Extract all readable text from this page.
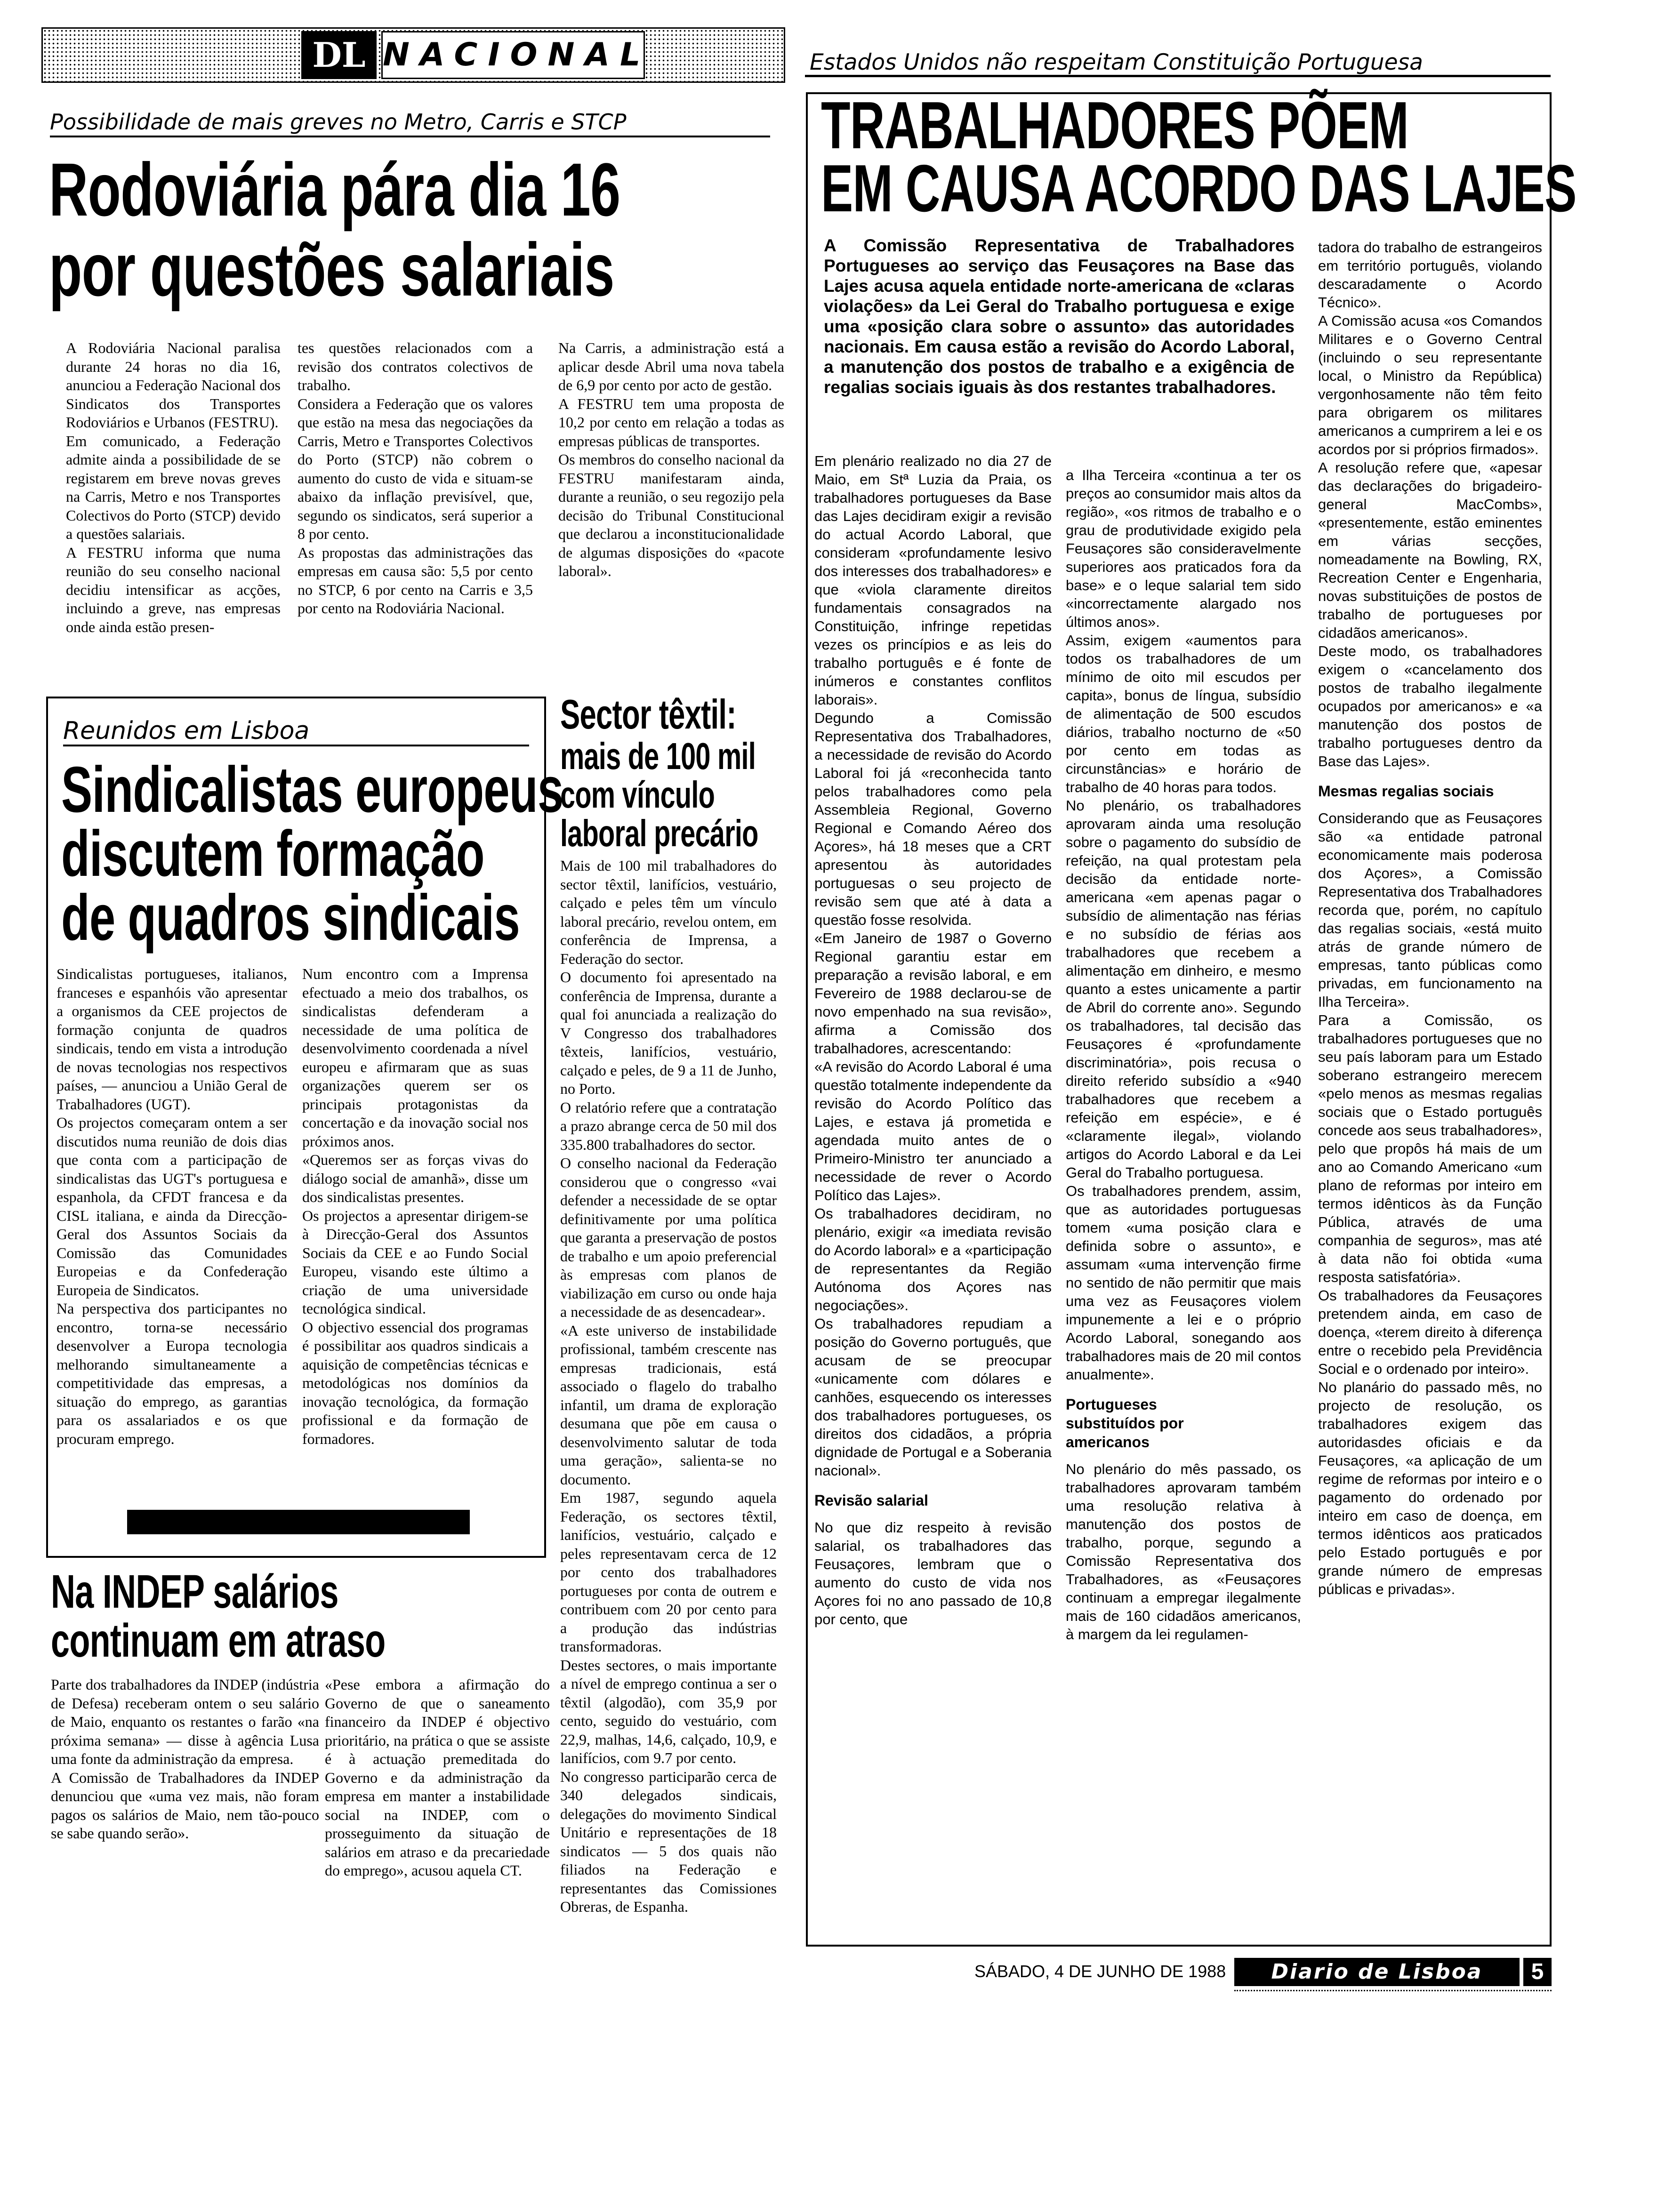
DL NACIONAL	Estados Unidos não respeitam Constituição Portuguesa
Possibilidade de mais greves no Metro, Carris e STCP
Rodoviária pára dia 16
por questões salariais
A Rodoviária Nacional paralisa durante 24 horas no dia 16, anunciou a Federação Nacional dos Sindicatos dos Transportes Rodoviários e Urbanos (FESTRU).
Em comunicado, a Federação admite ainda a possibilidade de se registarem em breve novas greves na Carris, Metro e nos Transportes Colectivos do Porto (STCP) devido a questões salariais.
A FESTRU informa que numa reunião do seu conselho nacional decidiu intensificar as acções, incluindo a greve, nas empresas onde ainda estão presen-
tes questões relacionados com a revisão dos contratos colectivos de trabalho.
Considera a Federação que os valores que estão na mesa das negociações da Carris, Metro e Transportes Colectivos do Porto (STCP) não cobrem o aumento do custo de vida e situam-se abaixo da inflação previsível, que, segundo os sindicatos, será superior a 8 por cento.
As propostas das administrações das empresas em causa são: 5,5 por cento no STCP, 6 por cento na Carris e 3,5 por cento na Rodoviária Nacional.
Na Carris, a administração está a aplicar desde Abril uma nova tabela de 6,9 por cento por acto de gestão.
A FESTRU tem uma proposta de 10,2 por cento em relação a todas as empresas públicas de transportes.
Os membros do conselho nacional da FESTRU manifestaram ainda, durante a reunião, o seu regozijo pela decisão do Tribunal Constitucional que declarou a inconstitucionalidade de algumas disposições do «pacote laboral».
Reunidos em Lisboa
Sindicalistas europeus
discutem formação
de quadros sindicais
Sindicalistas portugueses, italianos, franceses e espanhóis vão apresentar a organismos da CEE projectos de formação conjunta de quadros sindicais, tendo em vista a introdução de novas tecnologias nos respectivos países, — anunciou a União Geral de Trabalhadores (UGT).
Os projectos começaram ontem a ser discutidos numa reunião de dois dias que conta com a participação de sindicalistas das UGT's portuguesa e espanhola, da CFDT francesa e da CISL italiana, e ainda da Direcção-Geral dos Assuntos Sociais da Comissão das Comunidades Europeias e da Confederação Europeia de Sindicatos.
Na perspectiva dos participantes no encontro, torna-se necessário desenvolver a Europa tecnologia melhorando simultaneamente a competitividade das empresas, a situação do emprego, as garantias para os assalariados e os que procuram emprego.
Num encontro com a Imprensa efectuado a meio dos trabalhos, os sindicalistas defenderam a necessidade de uma política de desenvolvimento coordenada a nível europeu e afirmaram que as suas organizações querem ser os principais protagonistas da concertação e da inovação social nos próximos anos.
«Queremos ser as forças vivas do diálogo social de amanhã», disse um dos sindicalistas presentes.
Os projectos a apresentar dirigem-se à Direcção-Geral dos Assuntos Sociais da CEE e ao Fundo Social Europeu, visando este último a criação de uma universidade tecnológica sindical.
O objectivo essencial dos programas é possibilitar aos quadros sindicais a aquisição de competências técnicas e metodológicas nos domínios da inovação tecnológica, da formação profissional e da formação de formadores.
Na INDEP salários
continuam em atraso
Parte dos trabalhadores da INDEP (indústria de Defesa) receberam ontem o seu salário de Maio, enquanto os restantes o farão «na próxima semana» — disse à agência Lusa uma fonte da administração da empresa.
A Comissão de Trabalhadores da INDEP denunciou que «uma vez mais, não foram pagos os salários de Maio, nem tão-pouco se sabe quando serão».
«Pese embora a afirmação do Governo de que o saneamento financeiro da INDEP é objectivo prioritário, na prática o que se assiste é à actuação premeditada do Governo e da administração da empresa em manter a instabilidade social na INDEP, com o prosseguimento da situação de salários em atraso e da precariedade do emprego», acusou aquela CT.
Sector têxtil:
mais de 100 mil
com vínculo
laboral precário
Mais de 100 mil trabalhadores do sector têxtil, lanifícios, vestuário, calçado e peles têm um vínculo laboral precário, revelou ontem, em conferência de Imprensa, a Federação do sector.
O documento foi apresentado na conferência de Imprensa, durante a qual foi anunciada a realização do V Congresso dos trabalhadores têxteis, lanifícios, vestuário, calçado e peles, de 9 a 11 de Junho, no Porto.
O relatório refere que a contratação a prazo abrange cerca de 50 mil dos 335.800 trabalhadores do sector.
O conselho nacional da Federação considerou que o congresso «vai defender a necessidade de se optar definitivamente por uma política que garanta a preservação de postos de trabalho e um apoio preferencial às empresas com planos de viabilização em curso ou onde haja a necessidade de as desencadear».
«A este universo de instabilidade profissional, também crescente nas empresas tradicionais, está associado o flagelo do trabalho infantil, um drama de exploração desumana que põe em causa o desenvolvimento salutar de toda uma geração», salienta-se no documento.
Em 1987, segundo aquela Federação, os sectores têxtil, lanifícios, vestuário, calçado e peles representavam cerca de 12 por cento dos trabalhadores portugueses por conta de outrem e contribuem com 20 por cento para a produção das indústrias transformadoras.
Destes sectores, o mais importante a nível de emprego continua a ser o têxtil (algodão), com 35,9 por cento, seguido do vestuário, com 22,9, malhas, 14,6, calçado, 10,9, e lanifícios, com 9.7 por cento.
No congresso participarão cerca de 340 delegados sindicais, delegações do movimento Sindical Unitário e representações de 18 sindicatos — 5 dos quais não filiados na Federação e representantes das Comissiones Obreras, de Espanha.
TRABALHADORES PÕEM
EM CAUSA ACORDO DAS LAJES
A Comissão Representativa de Trabalhadores Portugueses ao serviço das Feusaçores na Base das Lajes acusa aquela entidade norte-americana de «claras violações» da Lei Geral do Trabalho portuguesa e exige uma «posição clara sobre o assunto» das autoridades nacionais. Em causa estão a revisão do Acordo Laboral, a manutenção dos postos de trabalho e a exigência de regalias sociais iguais às dos restantes trabalhadores.
Em plenário realizado no dia 27 de Maio, em Stª Luzia da Praia, os trabalhadores portugueses da Base das Lajes decidiram exigir a revisão do actual Acordo Laboral, que consideram «profundamente lesivo dos interesses dos trabalhadores» e que «viola claramente direitos fundamentais consagrados na Constituição, infringe repetidas vezes os princípios e as leis do trabalho português e é fonte de inúmeros e constantes conflitos laborais».
Degundo a Comissão Representativa dos Trabalhadores, a necessidade de revisão do Acordo Laboral foi já «reconhecida tanto pelos trabalhadores como pela Assembleia Regional, Governo Regional e Comando Aéreo dos Açores», há 18 meses que a CRT apresentou às autoridades portuguesas o seu projecto de revisão sem que até à data a questão fosse resolvida.
«Em Janeiro de 1987 o Governo Regional garantiu estar em preparação a revisão laboral, e em Fevereiro de 1988 declarou-se de novo empenhado na sua revisão», afirma a Comissão dos trabalhadores, acrescentando:
«A revisão do Acordo Laboral é uma questão totalmente independente da revisão do Acordo Político das Lajes, e estava já prometida e agendada muito antes de o Primeiro-Ministro ter anunciado a necessidade de rever o Acordo Político das Lajes».
Os trabalhadores decidiram, no plenário, exigir «a imediata revisão do Acordo laboral» e a «participação de representantes da Região Autónoma dos Açores nas negociações».
Os trabalhadores repudiam a posição do Governo português, que acusam de se preocupar «unicamente com dólares e canhões, esquecendo os interesses dos trabalhadores portugueses, os direitos dos cidadãos, a própria dignidade de Portugal e a Soberania nacional».
Revisão salarial
No que diz respeito à revisão salarial, os trabalhadores das Feusaçores, lembram que o aumento do custo de vida nos Açores foi no ano passado de 10,8 por cento, que
a Ilha Terceira «continua a ter os preços ao consumidor mais altos da região», «os ritmos de trabalho e o grau de produtividade exigido pela Feusaçores são consideravelmente superiores aos praticados fora da base» e o leque salarial tem sido «incorrectamente alargado nos últimos anos».
Assim, exigem «aumentos para todos os trabalhadores de um mínimo de oito mil escudos per capita», bonus de língua, subsídio de alimentação de 500 escudos diários, trabalho nocturno de «50 por cento em todas as circunstâncias» e horário de trabalho de 40 horas para todos.
No plenário, os trabalhadores aprovaram ainda uma resolução sobre o pagamento do subsídio de refeição, na qual protestam pela decisão da entidade norte-americana «em apenas pagar o subsídio de alimentação nas férias e no subsídio de férias aos trabalhadores que recebem a alimentação em dinheiro, e mesmo quanto a estes unicamente a partir de Abril do corrente ano». Segundo os trabalhadores, tal decisão das Feusaçores é «profundamente discriminatória», pois recusa o direito referido subsídio a «940 trabalhadores que recebem a refeição em espécie», e é «claramente ilegal», violando artigos do Acordo Laboral e da Lei Geral do Trabalho portuguesa.
Os trabalhadores prendem, assim, que as autoridades portuguesas tomem «uma posição clara e definida sobre o assunto», e assumam «uma intervenção firme no sentido de não permitir que mais uma vez as Feusaçores violem impunemente a lei e o próprio Acordo Laboral, sonegando aos trabalhadores mais de 20 mil contos anualmente».
Portugueses substituídos por americanos
No plenário do mês passado, os trabalhadores aprovaram também uma resolução relativa à manutenção dos postos de trabalho, porque, segundo a Comissão Representativa dos Trabalhadores, as «Feusaçores continuam a empregar ilegalmente mais de 160 cidadãos americanos, à margem da lei regulamen-
tadora do trabalho de estrangeiros em território português, violando descaradamente o Acordo Técnico».
A Comissão acusa «os Comandos Militares e o Governo Central (incluindo o seu representante local, o Ministro da República) vergonhosamente não têm feito para obrigarem os militares americanos a cumprirem a lei e os acordos por si próprios firmados».
A resolução refere que, «apesar das declarações do brigadeiro-general MacCombs», «presentemente, estão eminentes em várias secções, nomeadamente na Bowling, RX, Recreation Center e Engenharia, novas substituições de postos de trabalho de portugueses por cidadãos americanos».
Deste modo, os trabalhadores exigem o «cancelamento dos postos de trabalho ilegalmente ocupados por americanos» e «a manutenção dos postos de trabalho portugueses dentro da Base das Lajes».
Mesmas regalias sociais
Considerando que as Feusaçores são «a entidade patronal economicamente mais poderosa dos Açores», a Comissão Representativa dos Trabalhadores recorda que, porém, no capítulo das regalias sociais, «está muito atrás de grande número de empresas, tanto públicas como privadas, em funcionamento na Ilha Terceira».
Para a Comissão, os trabalhadores portugueses que no seu país laboram para um Estado soberano estrangeiro merecem «pelo menos as mesmas regalias sociais que o Estado português concede aos seus trabalhadores», pelo que propôs há mais de um ano ao Comando Americano «um plano de reformas por inteiro em termos idênticos às da Função Pública, através de uma companhia de seguros», mas até à data não foi obtida «uma resposta satisfatória».
Os trabalhadores da Feusaçores pretendem ainda, em caso de doença, «terem direito à diferença entre o recebido pela Previdência Social e o ordenado por inteiro».
No planário do passado mês, no projecto de resolução, os trabalhadores exigem das autoridasdes oficiais e da Feusaçores, «a aplicação de um regime de reformas por inteiro e o pagamento do ordenado por inteiro em caso de doença, em termos idênticos aos praticados pelo Estado português e por grande número de empresas públicas e privadas».
SÁBADO, 4 DE JUNHO DE 1988	Diario de Lisboa	5
